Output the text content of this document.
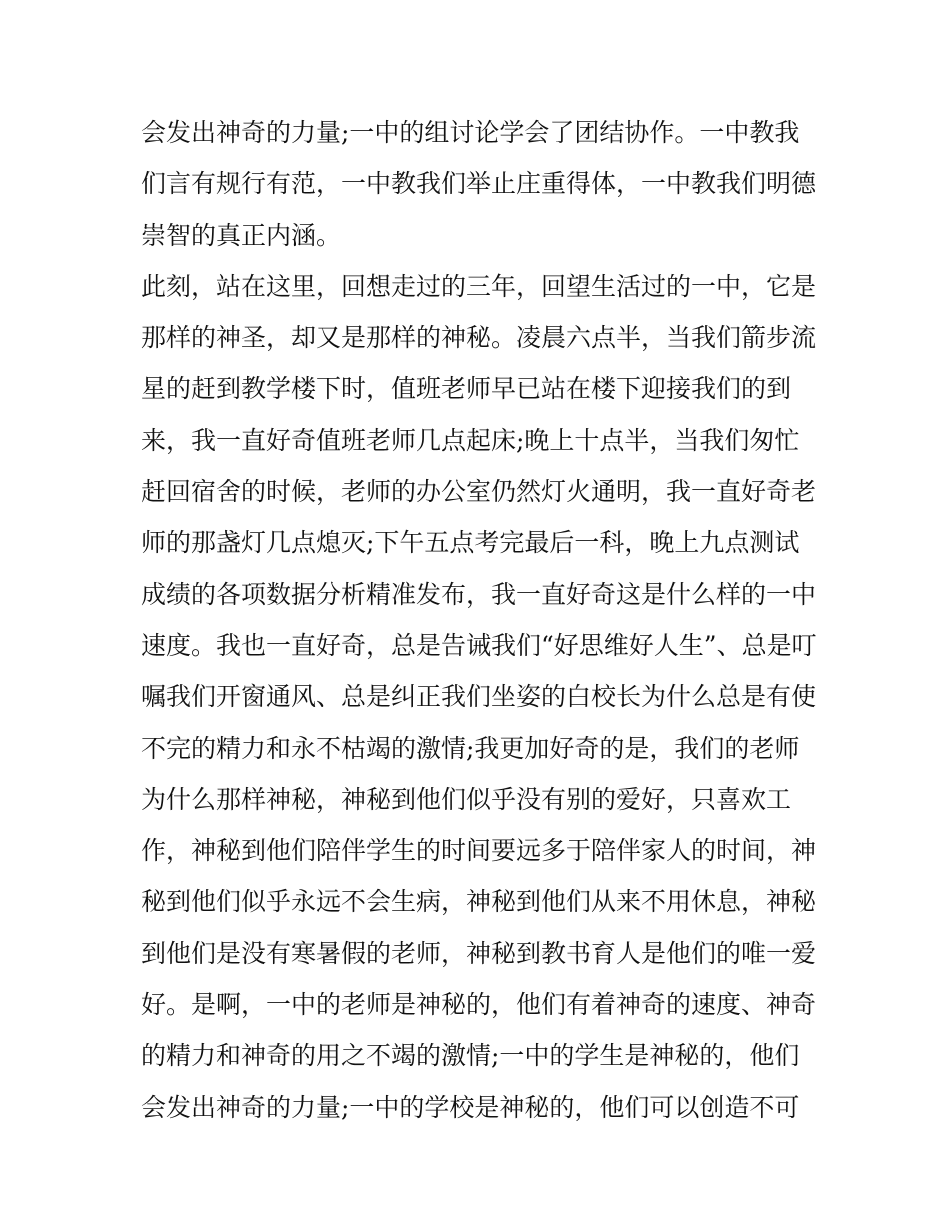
会发出神奇的力量;一中的组讨论学会了团结协作。一中教我
们言有规行有范，一中教我们举止庄重得体，一中教我们明德
崇智的真正内涵。
此刻，站在这里，回想走过的三年，回望生活过的一中，它是
那样的神圣，却又是那样的神秘。凌晨六点半，当我们箭步流
星的赶到教学楼下时，值班老师早已站在楼下迎接我们的到
来，我一直好奇值班老师几点起床;晚上十点半，当我们匆忙
赶回宿舍的时候，老师的办公室仍然灯火通明，我一直好奇老
师的那盏灯几点熄灭;下午五点考完最后一科，晚上九点测试
成绩的各项数据分析精准发布，我一直好奇这是什么样的一中
速度。我也一直好奇，总是告诫我们“好思维好人生”、总是叮
嘱我们开窗通风、总是纠正我们坐姿的白校长为什么总是有使
不完的精力和永不枯竭的激情;我更加好奇的是，我们的老师
为什么那样神秘，神秘到他们似乎没有别的爱好，只喜欢工
作，神秘到他们陪伴学生的时间要远多于陪伴家人的时间，神
秘到他们似乎永远不会生病，神秘到他们从来不用休息，神秘
到他们是没有寒暑假的老师，神秘到教书育人是他们的唯一爱
好。是啊，一中的老师是神秘的，他们有着神奇的速度、神奇
的精力和神奇的用之不竭的激情;一中的学生是神秘的，他们
会发出神奇的力量;一中的学校是神秘的，他们可以创造不可
